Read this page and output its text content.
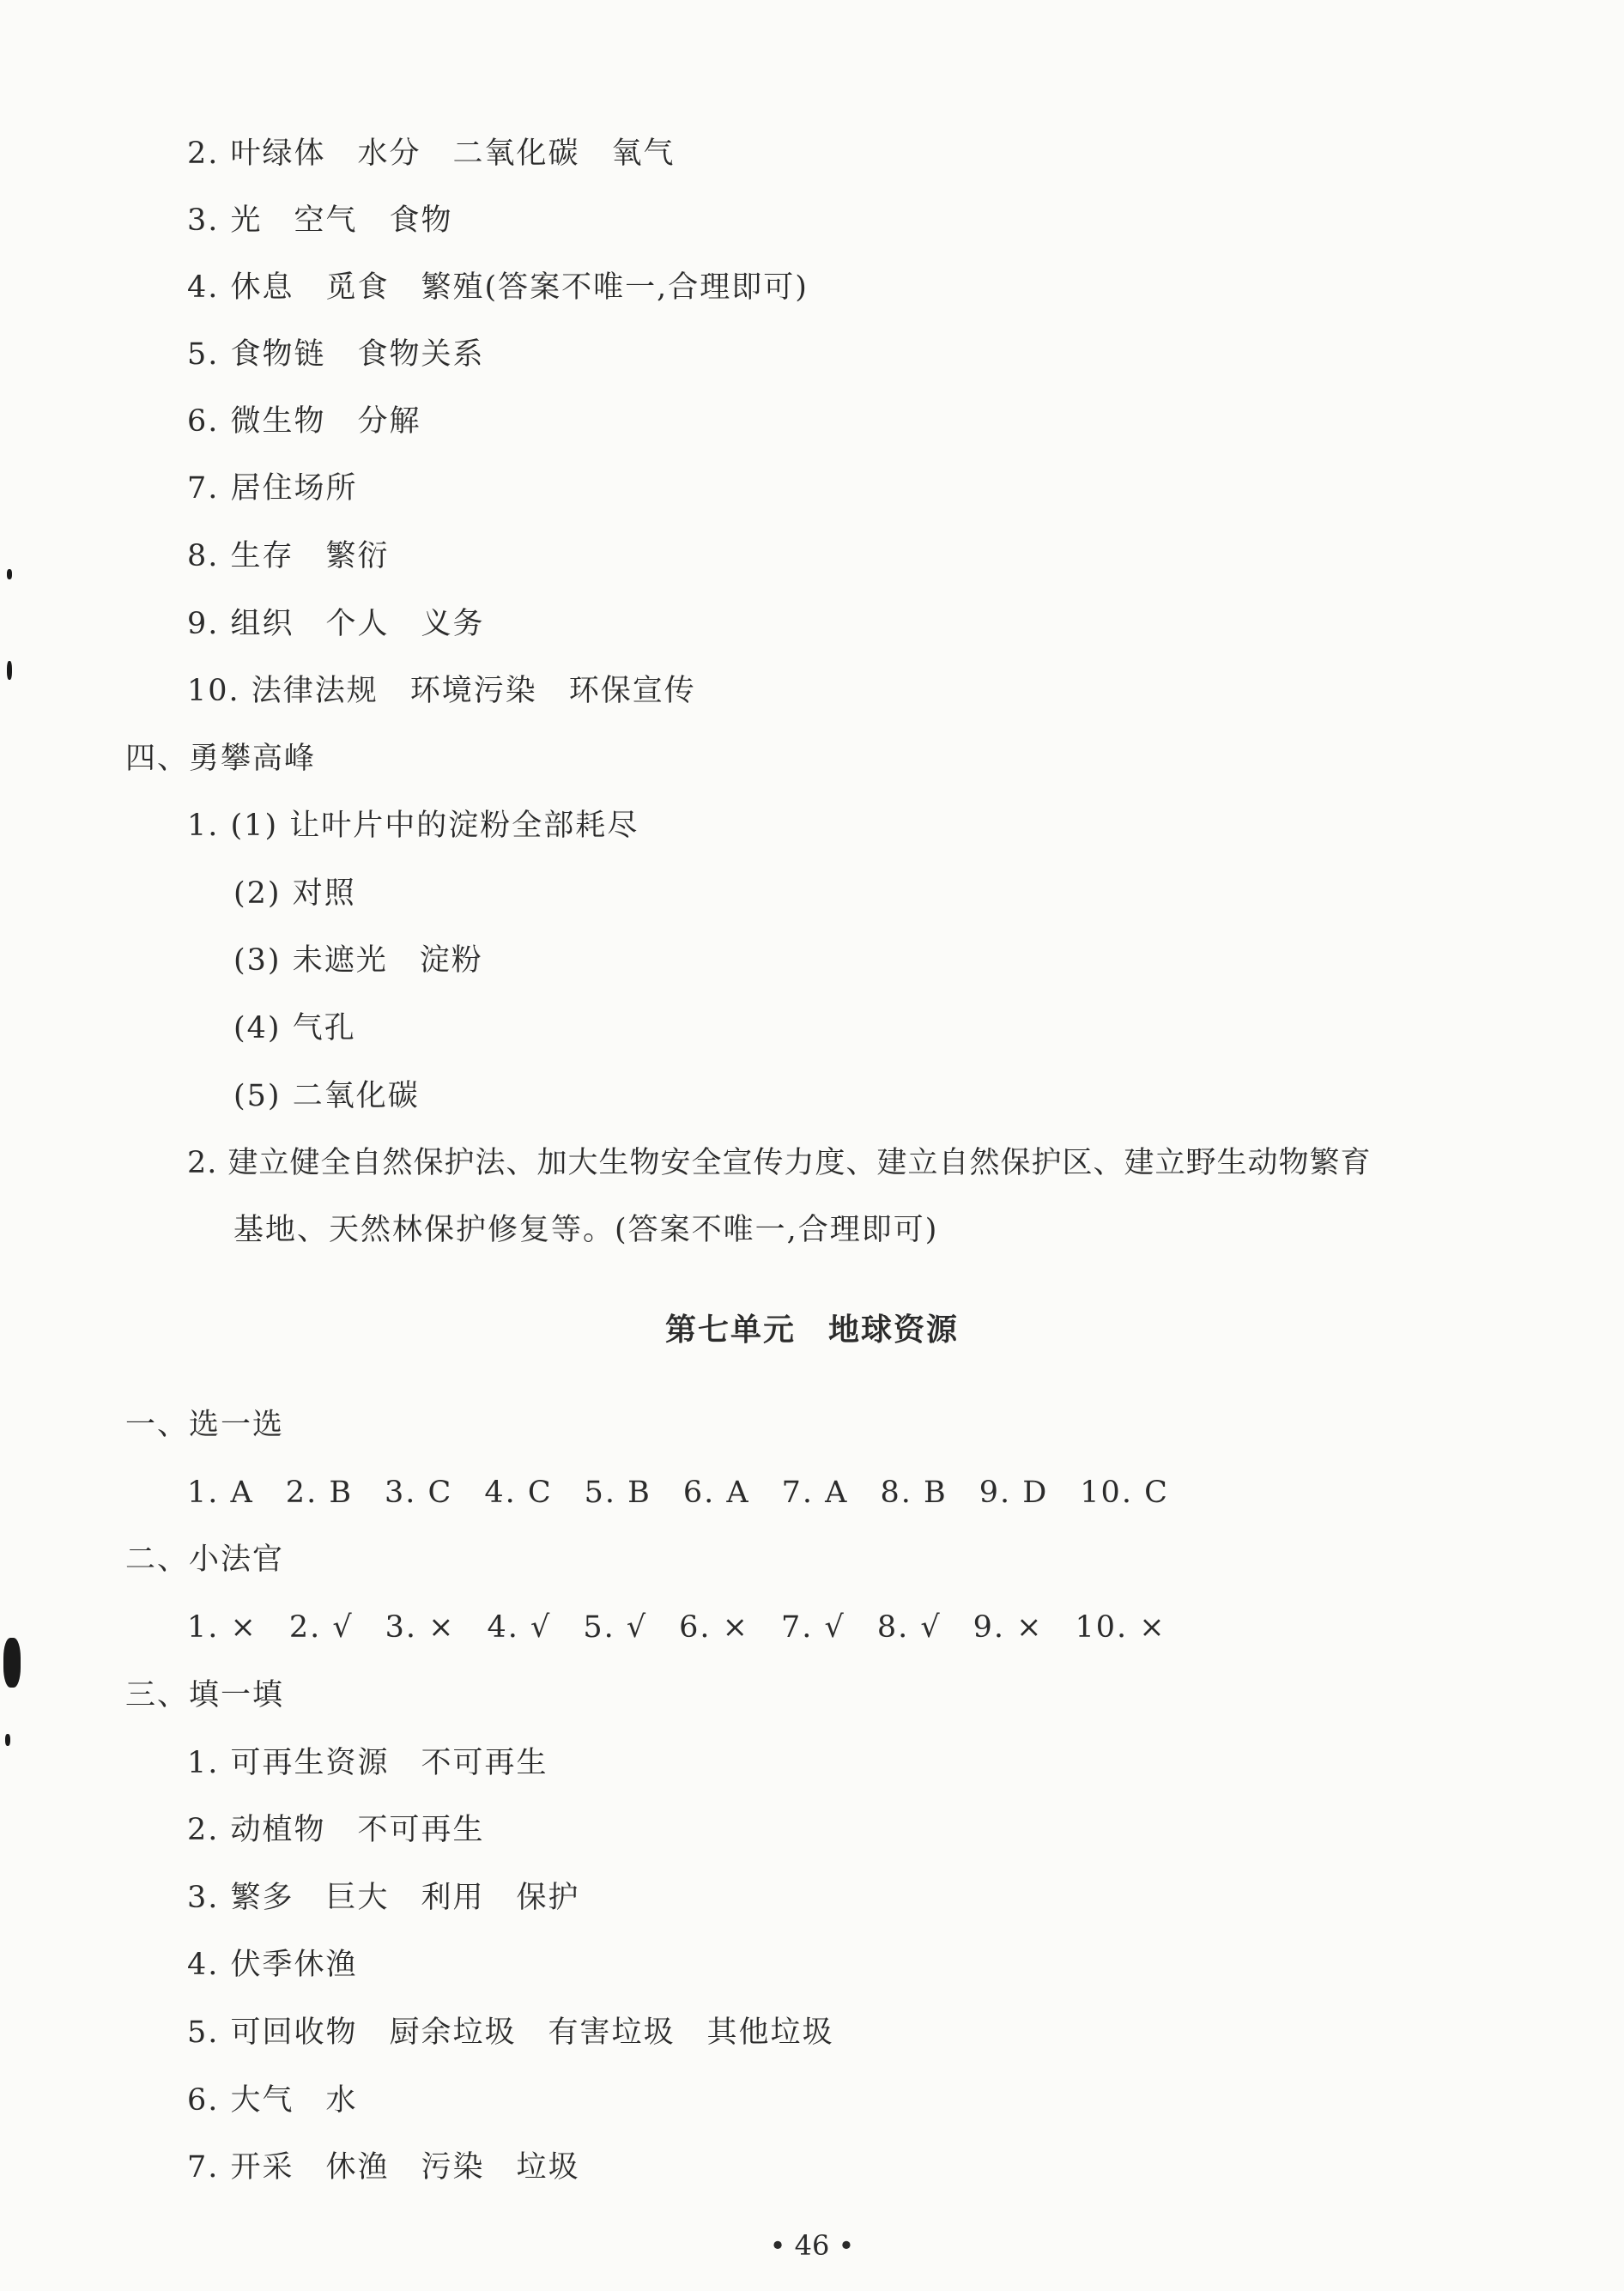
2. 叶绿体　水分　二氧化碳　氧气
3. 光　空气　食物
4. 休息　觅食　繁殖(答案不唯一,合理即可)
5. 食物链　食物关系
6. 微生物　分解
7. 居住场所
8. 生存　繁衍
9. 组织　个人　义务
10. 法律法规　环境污染　环保宣传
四、勇攀高峰
1. (1) 让叶片中的淀粉全部耗尽
(2) 对照
(3) 未遮光　淀粉
(4) 气孔
(5) 二氧化碳
2. 建立健全自然保护法、加大生物安全宣传力度、建立自然保护区、建立野生动物繁育
基地、天然林保护修复等。(答案不唯一,合理即可)
第七单元　地球资源
一、选一选
1. A　2. B　3. C　4. C　5. B　6. A　7. A　8. B　9. D　10. C
二、小法官
1. ×　2. √　3. ×　4. √　5. √　6. ×　7. √　8. √　9. ×　10. ×
三、填一填
1. 可再生资源　不可再生
2. 动植物　不可再生
3. 繁多　巨大　利用　保护
4. 伏季休渔
5. 可回收物　厨余垃圾　有害垃圾　其他垃圾
6. 大气　水
7. 开采　休渔　污染　垃圾
• 46 •
